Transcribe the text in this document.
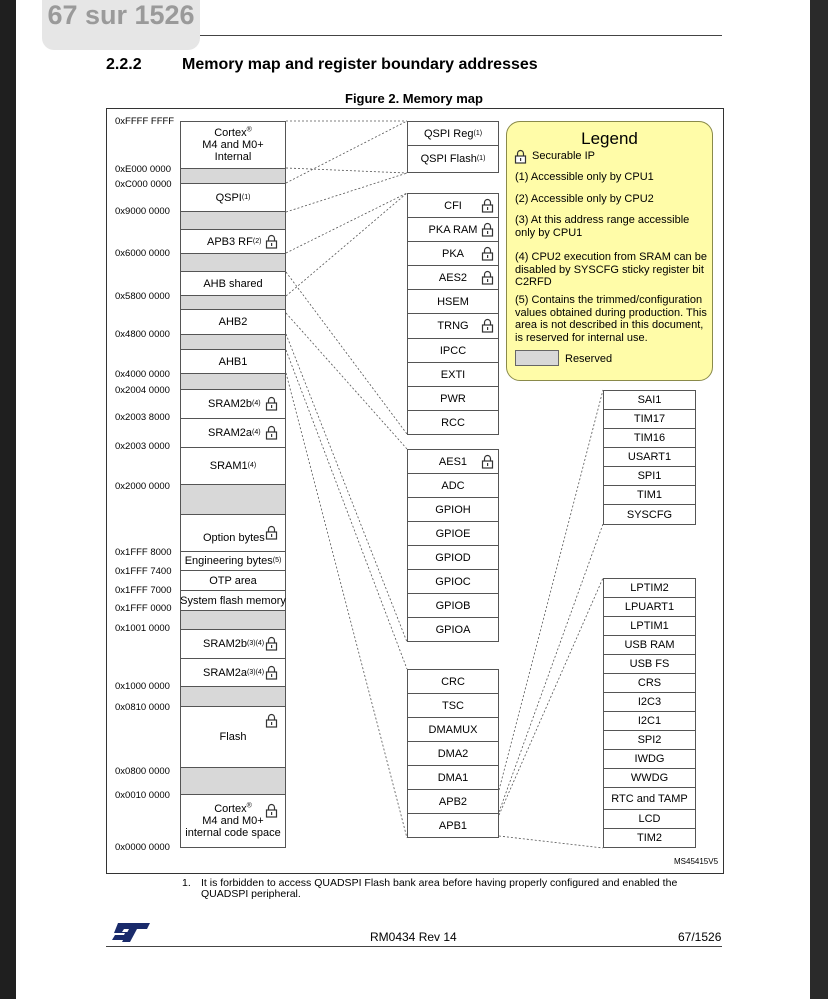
67 sur 1526
2.2.2	Memory map and register boundary addresses
Figure 2. Memory map
0xFFFF FFFF
0xE000 0000
0xC000 0000
0x9000 0000
0x6000 0000
0x5800 0000
0x4800 0000
0x4000 0000
0x2004 0000
0x2003 8000
0x2003 0000
0x2000 0000
0x1FFF 8000
0x1FFF 7400
0x1FFF 7000
0x1FFF 0000
0x1001 0000
0x1000 0000
0x0810 0000
0x0800 0000
0x0010 0000
0x0000 0000
Cortex®
M4 and M0+
Internal
QSPI (1)
APB3 RF (2)
AHB shared
AHB2
AHB1
SRAM2b (4)
SRAM2a (4)
SRAM1 (4)
Option bytes
Engineering bytes (5)
OTP area
System flash memory
SRAM2b (3)(4)
SRAM2a (3)(4)
Flash
Cortex®
M4 and M0+
internal code space
QSPI Reg (1)
QSPI Flash (1)
CFI
PKA RAM
PKA
AES2
HSEM
TRNG
IPCC
EXTI
PWR
RCC
AES1
ADC
GPIOH
GPIOE
GPIOD
GPIOC
GPIOB
GPIOA
CRC
TSC
DMAMUX
DMA2
DMA1
APB2
APB1
SAI1
TIM17
TIM16
USART1
SPI1
TIM1
SYSCFG
LPTIM2
LPUART1
LPTIM1
USB RAM
USB FS
CRS
I2C3
I2C1
SPI2
IWDG
WWDG
RTC and TAMP
LCD
TIM2
Legend
Securable IP
(1) Accessible only by CPU1
(2) Accessible only by CPU2
(3) At this address range accessible only by CPU1
(4) CPU2 execution from SRAM can be disabled by SYSCFG sticky register bit C2RFD
(5) Contains the trimmed/configuration values obtained during production. This area is not described in this document, is reserved for internal use.
Reserved
MS45415V5
1. It is forbidden to access QUADSPI Flash bank area before having properly configured and enabled the QUADSPI peripheral.
RM0434 Rev 14	67/1526
